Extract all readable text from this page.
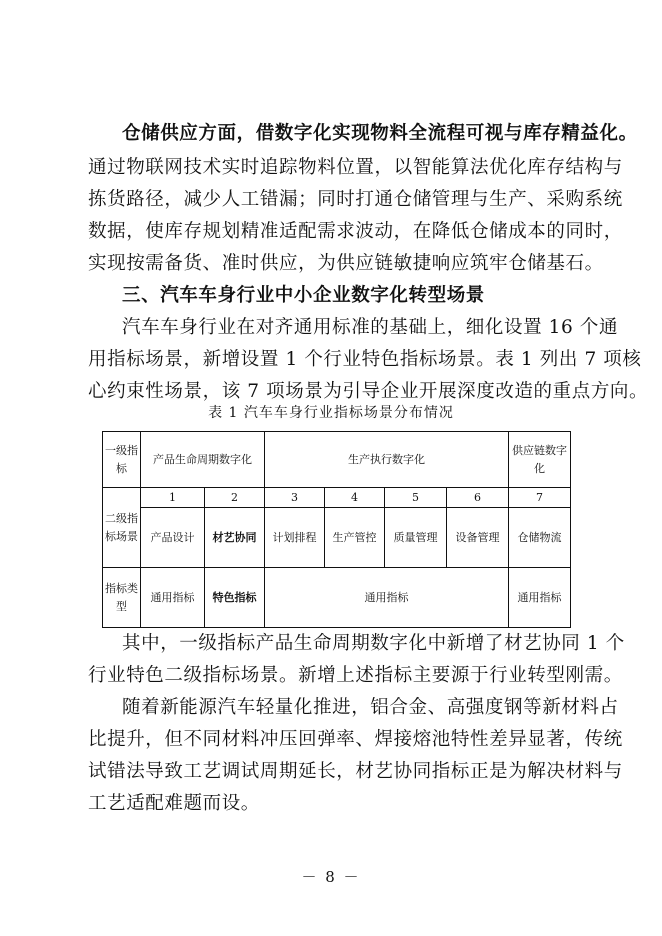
仓储供应方面，借数字化实现物料全流程可视与库存精益化。
通过物联网技术实时追踪物料位置，以智能算法优化库存结构与
拣货路径，减少人工错漏；同时打通仓储管理与生产、采购系统
数据，使库存规划精准适配需求波动，在降低仓储成本的同时，
实现按需备货、准时供应，为供应链敏捷响应筑牢仓储基石。
三、汽车车身行业中小企业数字化转型场景
汽车车身行业在对齐通用标准的基础上，细化设置 16 个通
用指标场景，新增设置 1 个行业特色指标场景。表 1 列出 7 项核
心约束性场景，该 7 项场景为引导企业开展深度改造的重点方向。
表 1 汽车车身行业指标场景分布情况
一级指标	产品生命周期数字化		生产执行数字化				供应链数字化
二级指标场景	1	2	3	4	5	6	7
	产品设计	材艺协同	计划排程	生产管控	质量管理	设备管理	仓储物流
指标类型	通用指标	特色指标	通用指标				通用指标
其中，一级指标产品生命周期数字化中新增了材艺协同 1 个
行业特色二级指标场景。新增上述指标主要源于行业转型刚需。
随着新能源汽车轻量化推进，铝合金、高强度钢等新材料占
比提升，但不同材料冲压回弹率、焊接熔池特性差异显著，传统
试错法导致工艺调试周期延长，材艺协同指标正是为解决材料与
工艺适配难题而设。
－ 8 －
